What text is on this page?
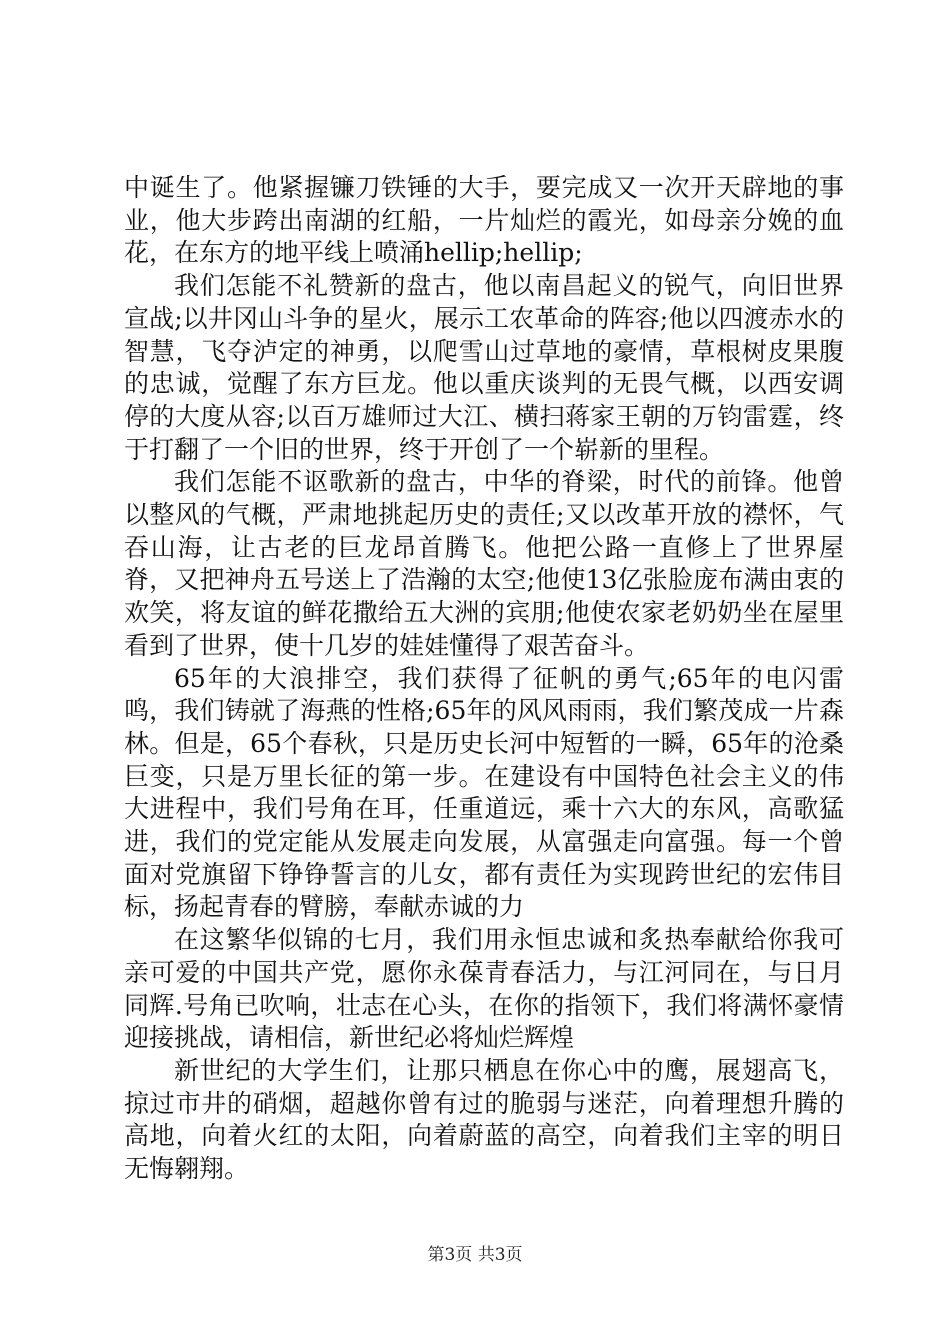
中诞生了。他紧握镰刀铁锤的大手，要完成又一次开天辟地的事业，他大步跨出南湖的红船，一片灿烂的霞光，如母亲分娩的血花，在东方的地平线上喷涌hellip;hellip;

我们怎能不礼赞新的盘古，他以南昌起义的锐气，向旧世界宣战;以井冈山斗争的星火，展示工农革命的阵容;他以四渡赤水的智慧，飞夺泸定的神勇，以爬雪山过草地的豪情，草根树皮果腹的忠诚，觉醒了东方巨龙。他以重庆谈判的无畏气概，以西安调停的大度从容;以百万雄师过大江、横扫蒋家王朝的万钧雷霆，终于打翻了一个旧的世界，终于开创了一个崭新的里程。

我们怎能不讴歌新的盘古，中华的脊梁，时代的前锋。他曾以整风的气概，严肃地挑起历史的责任;又以改革开放的襟怀，气吞山海，让古老的巨龙昂首腾飞。他把公路一直修上了世界屋脊，又把神舟五号送上了浩瀚的太空;他使13亿张脸庞布满由衷的欢笑，将友谊的鲜花撒给五大洲的宾朋;他使农家老奶奶坐在屋里看到了世界，使十几岁的娃娃懂得了艰苦奋斗。

65年的大浪排空，我们获得了征帆的勇气;65年的电闪雷鸣，我们铸就了海燕的性格;65年的风风雨雨，我们繁茂成一片森林。但是，65个春秋，只是历史长河中短暂的一瞬，65年的沧桑巨变，只是万里长征的第一步。在建设有中国特色社会主义的伟大进程中，我们号角在耳，任重道远，乘十六大的东风，高歌猛进，我们的党定能从发展走向发展，从富强走向富强。每一个曾面对党旗留下铮铮誓言的儿女，都有责任为实现跨世纪的宏伟目标，扬起青春的臂膀，奉献赤诚的力

在这繁华似锦的七月，我们用永恒忠诚和炙热奉献给你我可亲可爱的中国共产党，愿你永葆青春活力，与江河同在，与日月同辉.号角已吹响，壮志在心头，在你的指领下，我们将满怀豪情迎接挑战，请相信，新世纪必将灿烂辉煌

新世纪的大学生们，让那只栖息在你心中的鹰，展翅高飞，掠过市井的硝烟，超越你曾有过的脆弱与迷茫，向着理想升腾的高地，向着火红的太阳，向着蔚蓝的高空，向着我们主宰的明日无悔翱翔。

第3页 共3页
